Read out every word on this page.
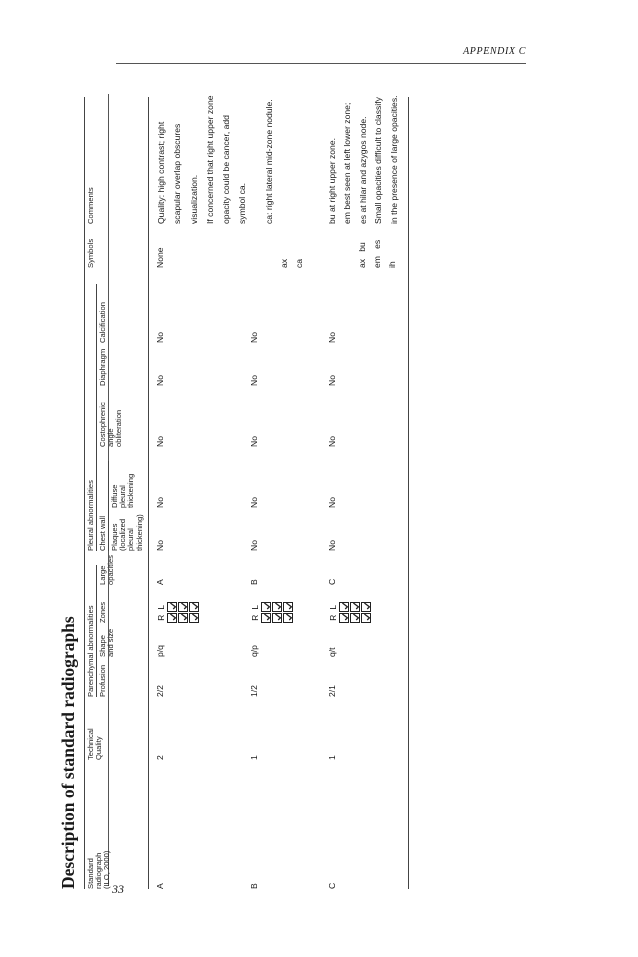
APPENDIX C
33
Description of standard radiographs Standard radiograph (ILO, 2000)
Technical Quality
Parenchymal abnormalities Profusion
Shape and size
Zones
Large opacities
Pleural abnormalities Chest wall Plaques (localized pleural thickening)
Diffuse pleural thickening
Costophrenic angle obliteration
Diaphragm
Calcification
Symbols
Comments
A
2
2/2
p/q
R
L
A
No
No
No
No
No
None
Quality: high contrast; right scapular overlap obscures visualization. If concerned that right upper zone opacity could be cancer, add symbol ca.
B
1
1/2
q/p
R
L
B
No
No
No
No
No

ax ca

ca: right lateral mid-zone nodule.
C
1
2/1
q/t
R
L
C
No
No
No
No
No

ax   bu em   es ih

bu at right upper zone. em best seen at left lower zone; es at hilar and azygos node. Small opacities difficult to classify in the presence of large opacities.
